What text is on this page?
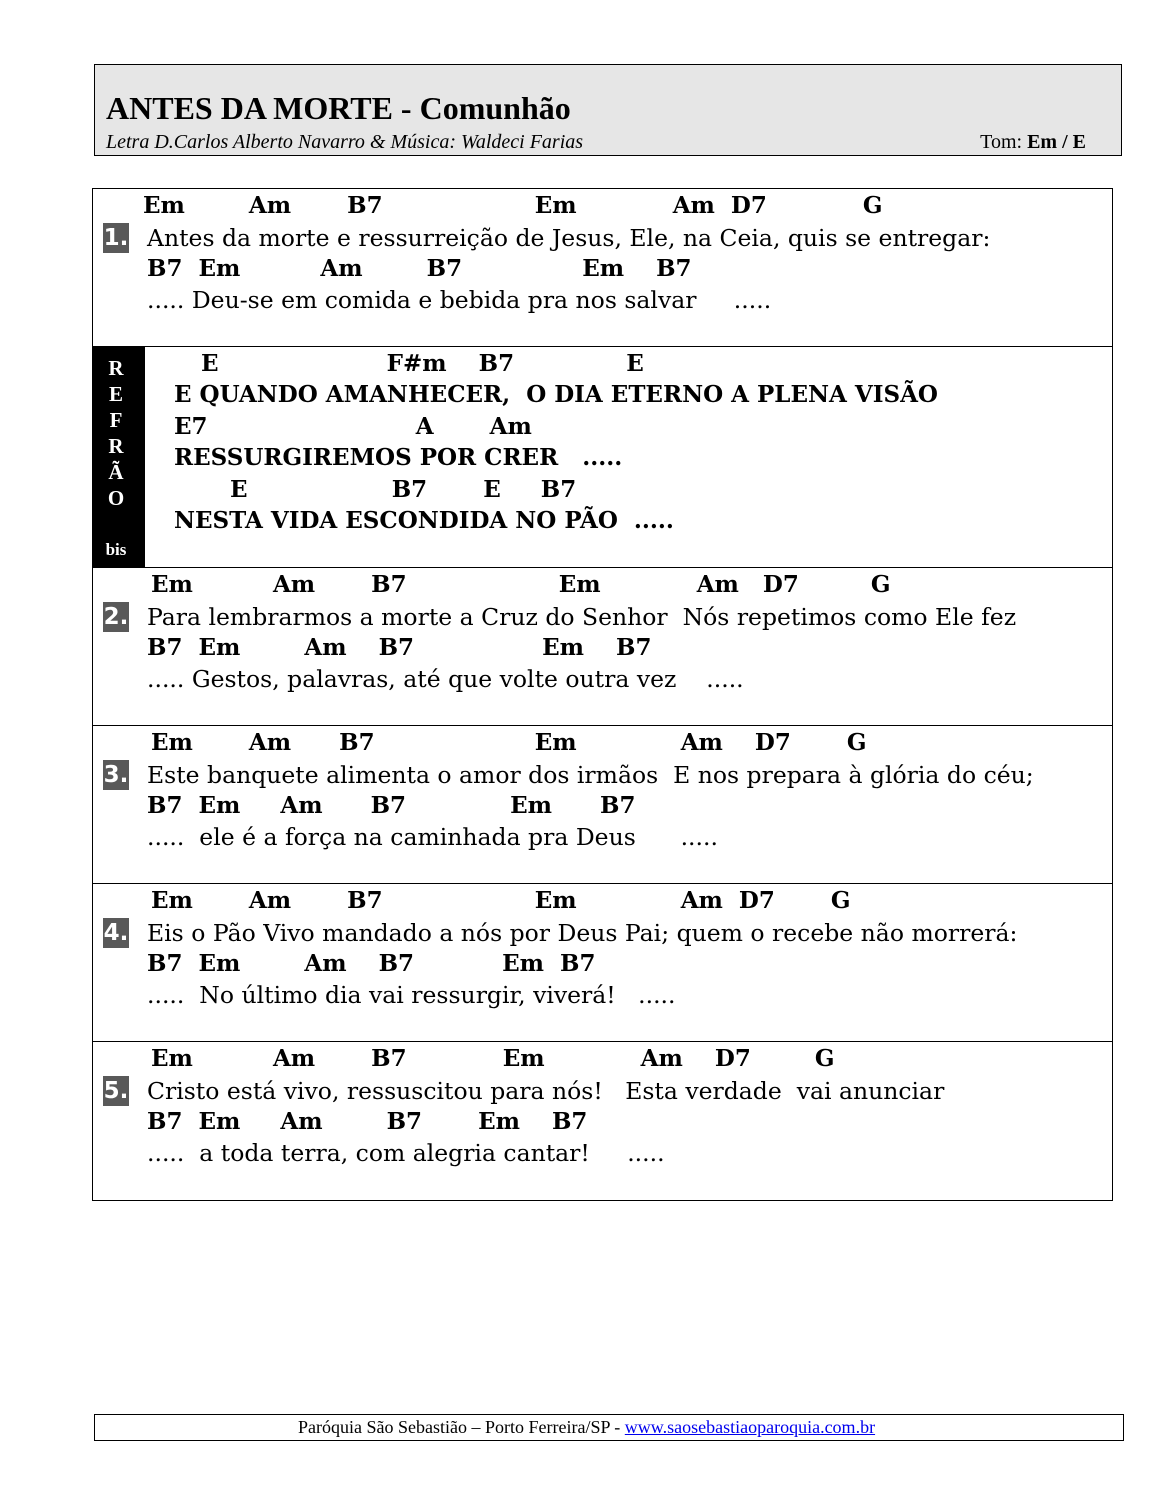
ANTES DA MORTE - Comunhão
Letra D.Carlos Alberto Navarro & Música: Waldeci Farias	Tom: Em / E
Em        Am       B7                   Em            Am  D7            G
1. Antes da morte e ressurreição de Jesus, Ele, na Ceia, quis se entregar:
B7  Em          Am        B7               Em    B7
..... Deu-se em comida e bebida pra nos salvar     .....
R
E
F
R
Ã
O
bis
E                     F#m    B7              E
E QUANDO AMANHECER,  O DIA ETERNO A PLENA VISÃO
E7                          A       Am
RESSURGIREMOS POR CRER   .....
E                  B7       E     B7
NESTA VIDA ESCONDIDA NO PÃO  .....
Em          Am       B7                   Em            Am   D7         G
2. Para lembrarmos a morte a Cruz do Senhor  Nós repetimos como Ele fez
B7  Em        Am    B7                Em    B7
..... Gestos, palavras, até que volte outra vez    .....
Em       Am      B7                    Em             Am    D7       G
3. Este banquete alimenta o amor dos irmãos  E nos prepara à glória do céu;
B7  Em     Am      B7             Em      B7
.....  ele é a força na caminhada pra Deus      .....
Em       Am       B7                   Em             Am  D7       G
4. Eis o Pão Vivo mandado a nós por Deus Pai; quem o recebe não morrerá:
B7  Em        Am    B7           Em  B7
.....  No último dia vai ressurgir, viverá!   .....
Em          Am       B7            Em            Am    D7        G
5. Cristo está vivo, ressuscitou para nós!   Esta verdade  vai anunciar
B7  Em     Am        B7       Em    B7
.....  a toda terra, com alegria cantar!     .....
Paróquia São Sebastião – Porto Ferreira/SP - www.saosebastiaoparoquia.com.br
